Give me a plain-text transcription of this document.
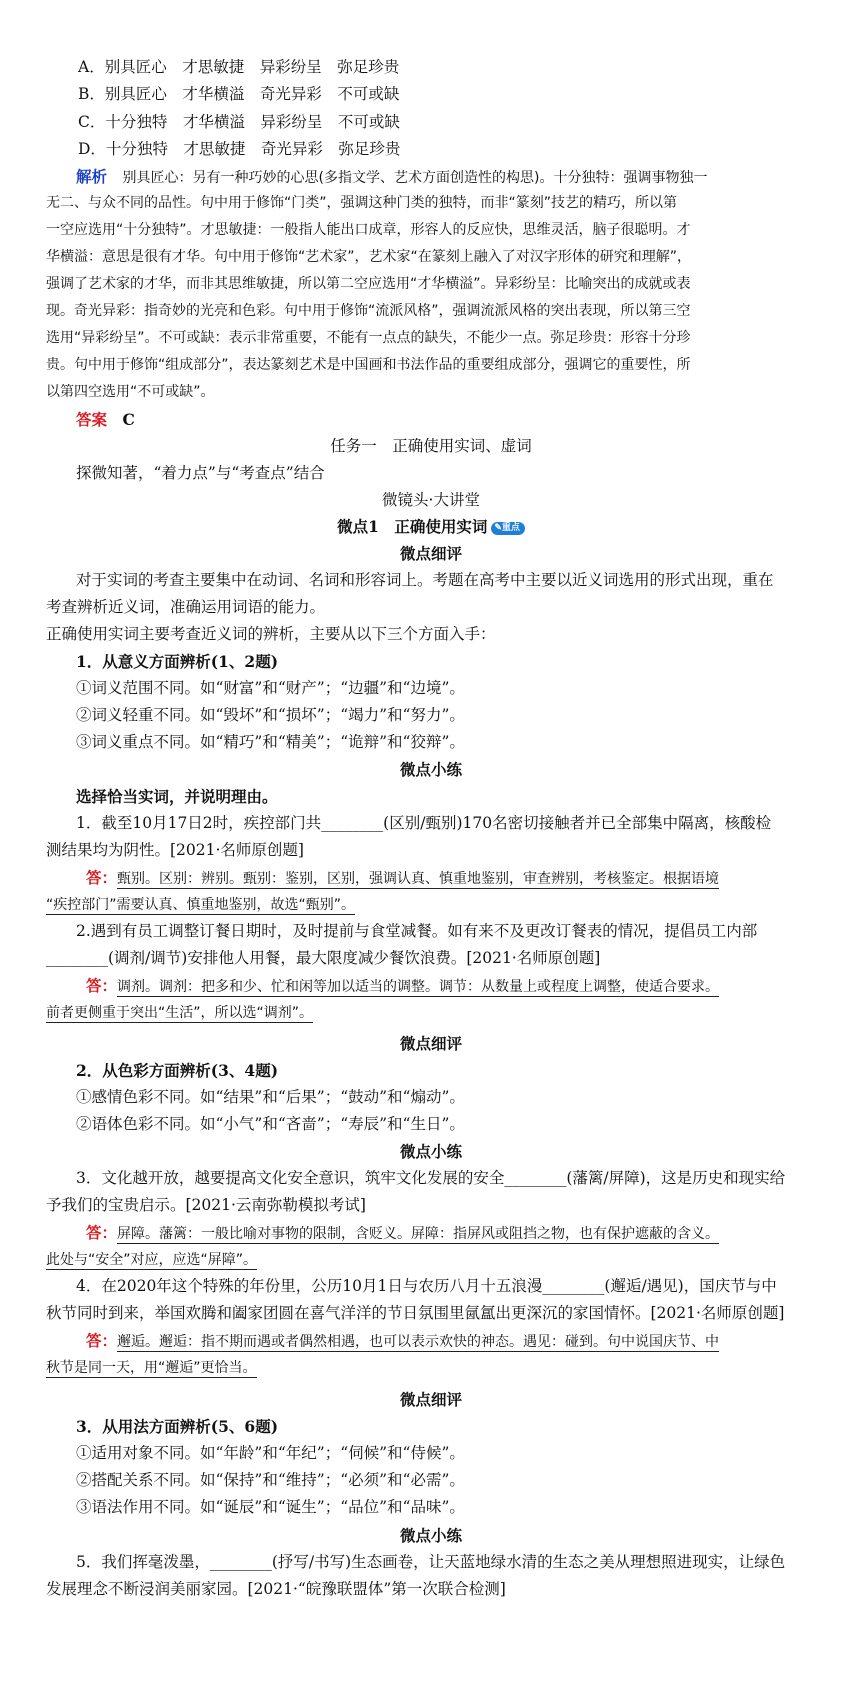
A．别具匠心　才思敏捷　异彩纷呈　弥足珍贵
B．别具匠心　才华横溢　奇光异彩　不可或缺
C．十分独特　才华横溢　异彩纷呈　不可或缺
D．十分独特　才思敏捷　奇光异彩　弥足珍贵
解析　 别具匠心：另有一种巧妙的心思(多指文学、艺术方面创造性的构思)。十分独特：强调事物独一
无二、与众不同的品性。句中用于修饰“门类”，强调这种门类的独特，而非“篆刻”技艺的精巧，所以第
一空应选用“十分独特”。才思敏捷：一般指人能出口成章，形容人的反应快，思维灵活，脑子很聪明。才
华横溢：意思是很有才华。句中用于修饰“艺术家”，艺术家“在篆刻上融入了对汉字形体的研究和理解”，
强调了艺术家的才华，而非其思维敏捷，所以第二空应选用“才华横溢”。异彩纷呈：比喻突出的成就或表
现。奇光异彩：指奇妙的光亮和色彩。句中用于修饰“流派风格”，强调流派风格的突出表现，所以第三空
选用“异彩纷呈”。不可或缺：表示非常重要，不能有一点点的缺失，不能少一点。弥足珍贵：形容十分珍
贵。句中用于修饰“组成部分”，表达篆刻艺术是中国画和书法作品的重要组成部分，强调它的重要性，所
以第四空选用“不可或缺”。
答案　 C
任务一　正确使用实词、虚词
探微知著，“着力点”与“考查点”结合
微镜头·大讲堂
微点1　正确使用实词 ✎重点
微点细评
对于实词的考查主要集中在动词、名词和形容词上。考题在高考中主要以近义词选用的形式出现，重在
考查辨析近义词，准确运用词语的能力。
正确使用实词主要考查近义词的辨析，主要从以下三个方面入手：
1．从意义方面辨析(1、2题)
①词义范围不同。如“财富”和“财产”；“边疆”和“边境”。
②词义轻重不同。如“毁坏”和“损坏”；“竭力”和“努力”。
③词义重点不同。如“精巧”和“精美”；“诡辩”和“狡辩”。
微点小练
选择恰当实词，并说明理由。
1．截至10月17日2时，疾控部门共________(区别/甄别)170名密切接触者并已全部集中隔离，核酸检
测结果均为阴性。[2021·名师原创题]
答：甄别。区别：辨别。甄别：鉴别，区别，强调认真、慎重地鉴别，审查辨别，考核鉴定。根据语境
“疾控部门”需要认真、慎重地鉴别，故选“甄别”。
2.遇到有员工调整订餐日期时，及时提前与食堂减餐。如有来不及更改订餐表的情况，提倡员工内部
________(调剂/调节)安排他人用餐，最大限度减少餐饮浪费。[2021·名师原创题]
答：调剂。调剂：把多和少、忙和闲等加以适当的调整。调节：从数量上或程度上调整，使适合要求。
前者更侧重于突出“生活”，所以选“调剂”。
微点细评
2．从色彩方面辨析(3、4题)
①感情色彩不同。如“结果”和“后果”；“鼓动”和“煽动”。
②语体色彩不同。如“小气”和“吝啬”；“寿辰”和“生日”。
微点小练
3．文化越开放，越要提高文化安全意识，筑牢文化发展的安全________(藩篱/屏障)，这是历史和现实给
予我们的宝贵启示。[2021·云南弥勒模拟考试]
答：屏障。藩篱：一般比喻对事物的限制，含贬义。屏障：指屏风或阻挡之物，也有保护遮蔽的含义。
此处与“安全”对应，应选“屏障”。
4．在2020年这个特殊的年份里，公历10月1日与农历八月十五浪漫________(邂逅/遇见)，国庆节与中
秋节同时到来，举国欢腾和阖家团圆在喜气洋洋的节日氛围里氤氲出更深沉的家国情怀。[2021·名师原创题]
答：邂逅。邂逅：指不期而遇或者偶然相遇，也可以表示欢快的神态。遇见：碰到。句中说国庆节、中
秋节是同一天，用“邂逅”更恰当。
微点细评
3．从用法方面辨析(5、6题)
①适用对象不同。如“年龄”和“年纪”；“伺候”和“侍候”。
②搭配关系不同。如“保持”和“维持”；“必须”和“必需”。
③语法作用不同。如“诞辰”和“诞生”；“品位”和“品味”。
微点小练
5．我们挥毫泼墨，________(抒写/书写)生态画卷，让天蓝地绿水清的生态之美从理想照进现实，让绿色
发展理念不断浸润美丽家园。[2021·“皖豫联盟体”第一次联合检测]
